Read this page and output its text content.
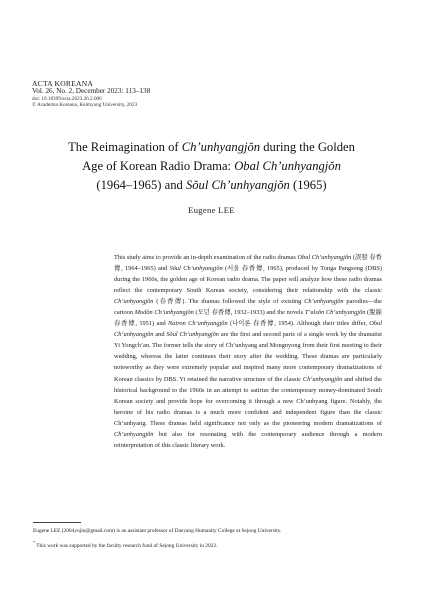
ACTA KOREANA
Vol. 26, No. 2, December 2023: 113–138
doi: 10.18399/acta.2023.26.2.006
© Academia Koreana, Keimyung University, 2023
The Reimagination of Ch’unhyangjŏn during the Golden
Age of Korean Radio Drama: Obal Ch’unhyangjŏn
(1964–1965) and Sŏul Ch’unhyangjŏn (1965)
Eugene LEE

This study aims to provide an in-depth examination of the radio dramas Obal Ch’unhyangjŏn (誤發 春香傳, 1964–1965) and Sŏul Ch’unhyangjŏn (서울 春香傳, 1965), produced by Tonga Pangsong (DBS) during the 1960s, the golden age of Korean radio drama. The paper will analyze how these radio dramas reflect the contemporary South Korean society, considering their relationship with the classic Ch’unhyangjŏn (春香傳). The dramas followed the style of existing Ch’unhyangjŏn parodies—the cartoon Modŏn Ch’unhyangjŏn (모던 春香傳, 1932–1933) and the novels T’alsŏn Ch’unhyangjŏn (脫線 春香傳, 1951) and Nairon Ch’unhyangjŏn (나이론 春香傳, 1954). Although their titles differ, Obal Ch’unhyangjŏn and Sŏul Ch’unhyangjŏn are the first and second parts of a single work by the dramatist Yi Yongch’an. The former tells the story of Ch’unhyang and Mongnyong from their first meeting to their wedding, whereas the latter continues their story after the wedding. These dramas are particularly noteworthy as they were extremely popular and inspired many more contemporary dramatizations of Korean classics by DBS. Yi retained the narrative structure of the classic Ch’unhyangjŏn and shifted the historical background to the 1960s in an attempt to satirize the contemporary money-dominated South Korean society and provide hope for overcoming it through a new Ch’unhyang figure. Notably, the heroine of his radio dramas is a much more confident and independent figure than the classic Ch’unhyang. These dramas held significance not only as the pioneering modern dramatizations of Ch’unhyangjŏn but also for resonating with the contemporary audience through a modern reinterpretation of this classic literary work.

Eugene LEE (2004yujin@gmail.com) is an assistant professor of Daeyang Humanity College at Sejong University.

* This work was supported by the faculty research fund of Sejong University in 2022.
